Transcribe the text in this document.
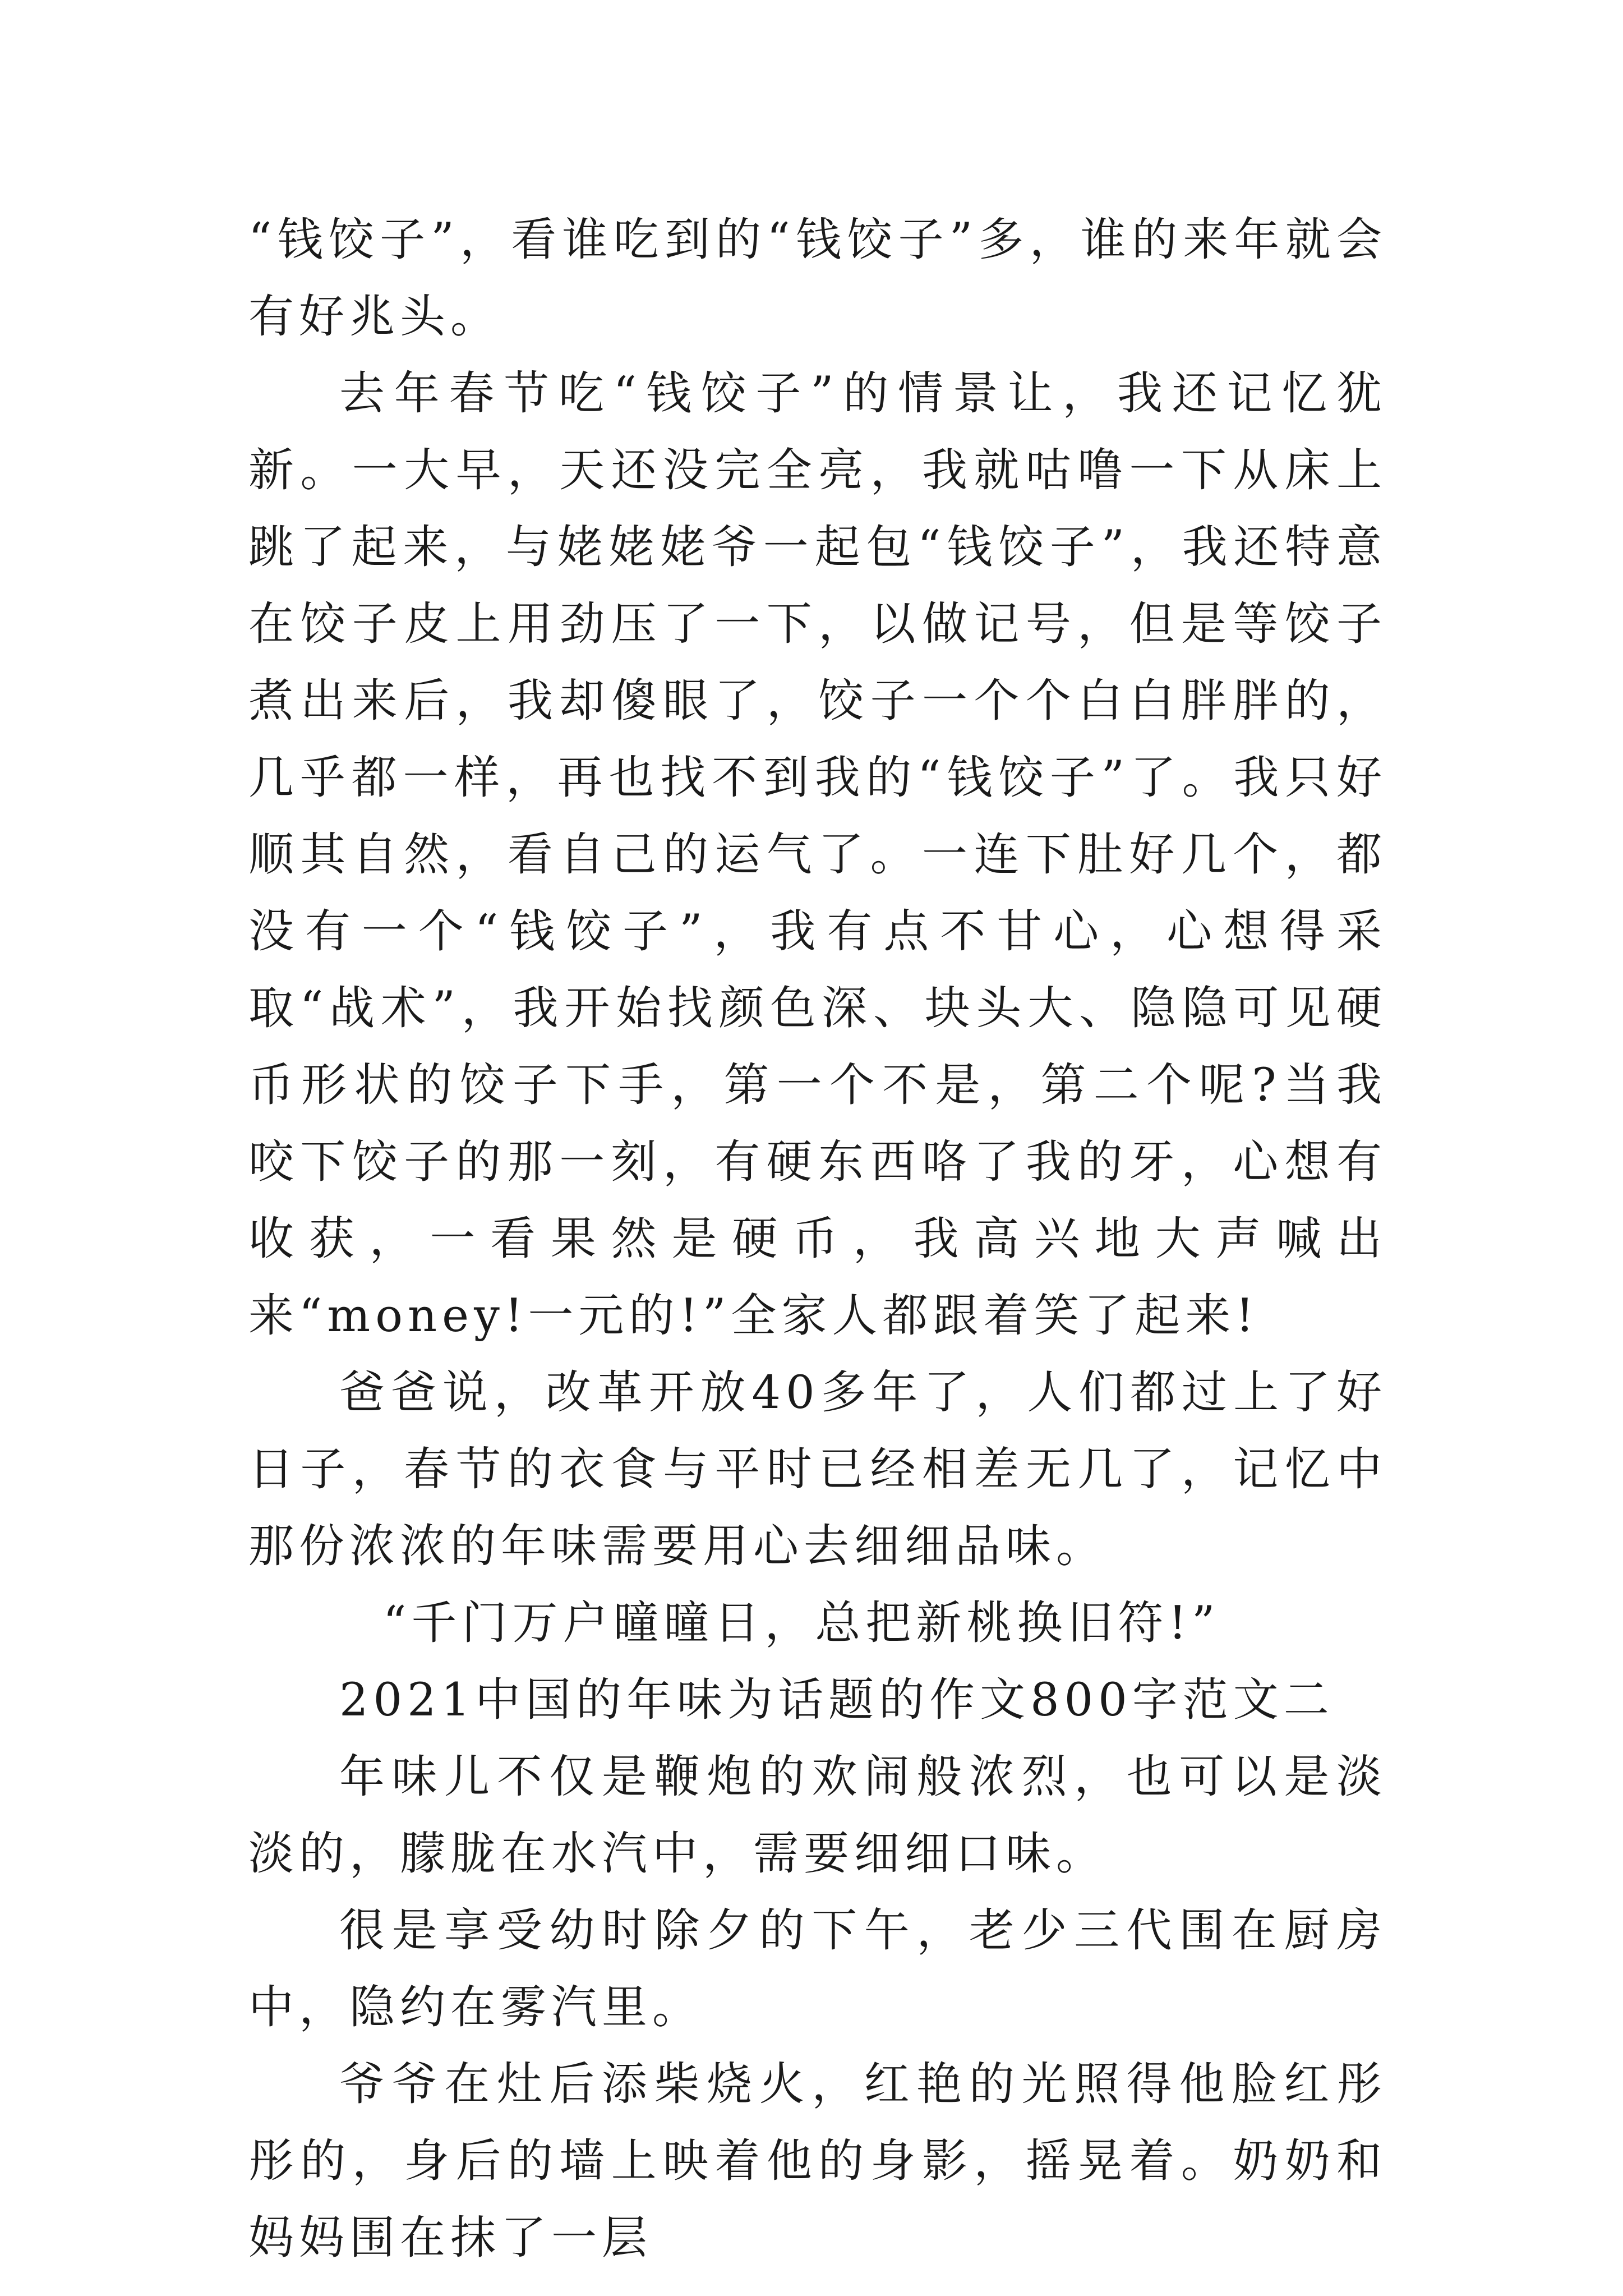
“钱饺子”，看谁吃到的“钱饺子”多，谁的来年就会有好兆头。

去年春节吃“钱饺子”的情景让，我还记忆犹新。一大早，天还没完全亮，我就咕噜一下从床上跳了起来，与姥姥姥爷一起包“钱饺子”，我还特意在饺子皮上用劲压了一下，以做记号，但是等饺子煮出来后，我却傻眼了，饺子一个个白白胖胖的，几乎都一样，再也找不到我的“钱饺子”了。我只好顺其自然，看自己的运气了。一连下肚好几个，都没有一个“钱饺子”，我有点不甘心，心想得采取“战术”，我开始找颜色深、块头大、隐隐可见硬币形状的饺子下手，第一个不是，第二个呢?当我咬下饺子的那一刻，有硬东西咯了我的牙，心想有收获，一看果然是硬币，我高兴地大声喊出来“money!一元的!”全家人都跟着笑了起来!

爸爸说，改革开放40多年了，人们都过上了好日子，春节的衣食与平时已经相差无几了，记忆中那份浓浓的年味需要用心去细细品味。

“千门万户曈曈日，总把新桃换旧符!”

2021中国的年味为话题的作文800字范文二

年味儿不仅是鞭炮的欢闹般浓烈，也可以是淡淡的，朦胧在水汽中，需要细细口味。

很是享受幼时除夕的下午，老少三代围在厨房中，隐约在雾汽里。

爷爷在灶后添柴烧火，红艳的光照得他脸红彤彤的，身后的墙上映着他的身影，摇晃着。奶奶和妈妈围在抹了一层
